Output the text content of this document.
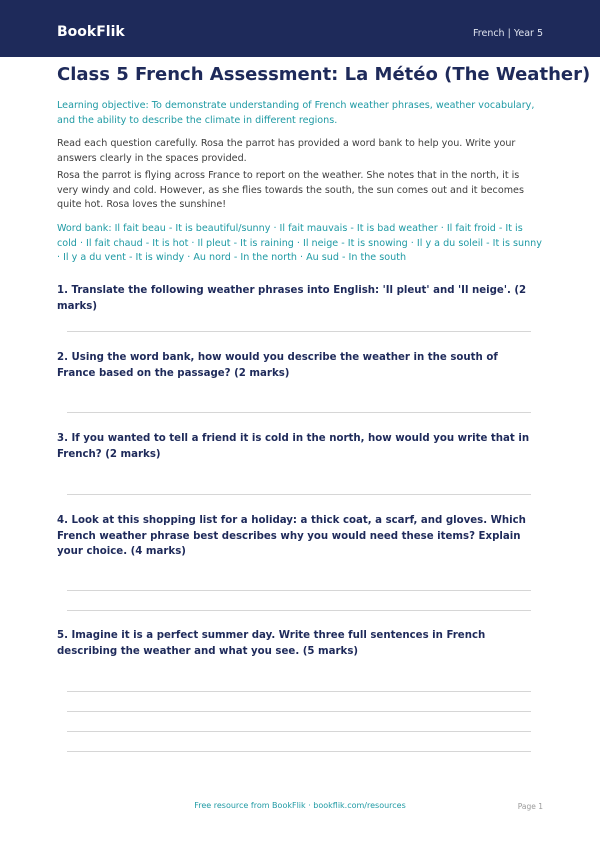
BookFlik	French | Year 5
Class 5 French Assessment: La Météo (The Weather)
Learning objective: To demonstrate understanding of French weather phrases, weather vocabulary, and the ability to describe the climate in different regions.
Read each question carefully. Rosa the parrot has provided a word bank to help you. Write your answers clearly in the spaces provided.
Rosa the parrot is flying across France to report on the weather. She notes that in the north, it is very windy and cold. However, as she flies towards the south, the sun comes out and it becomes quite hot. Rosa loves the sunshine!
Word bank: Il fait beau - It is beautiful/sunny · Il fait mauvais - It is bad weather · Il fait froid - It is cold · Il fait chaud - It is hot · Il pleut - It is raining · Il neige - It is snowing · Il y a du soleil - It is sunny · Il y a du vent - It is windy · Au nord - In the north · Au sud - In the south
1. Translate the following weather phrases into English: 'Il pleut' and 'Il neige'. (2 marks)
2. Using the word bank, how would you describe the weather in the south of France based on the passage? (2 marks)
3. If you wanted to tell a friend it is cold in the north, how would you write that in French? (2 marks)
4. Look at this shopping list for a holiday: a thick coat, a scarf, and gloves. Which French weather phrase best describes why you would need these items? Explain your choice. (4 marks)
5. Imagine it is a perfect summer day. Write three full sentences in French describing the weather and what you see. (5 marks)
Free resource from BookFlik · bookflik.com/resources	Page 1
